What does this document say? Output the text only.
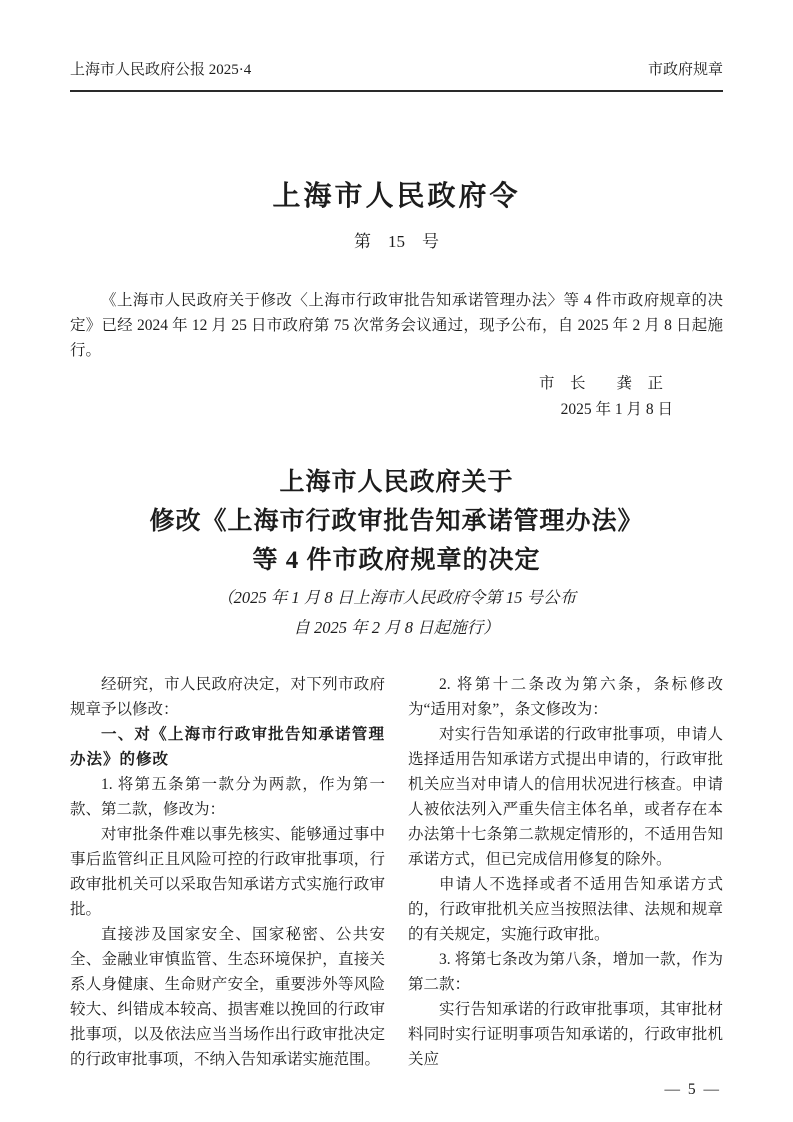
上海市人民政府公报 2025·4	市政府规章
上海市人民政府令
第　15　号
《上海市人民政府关于修改〈上海市行政审批告知承诺管理办法〉等 4 件市政府规章的决定》已经 2024 年 12 月 25 日市政府第 75 次常务会议通过，现予公布，自 2025 年 2 月 8 日起施行。
市　长　　龚　正
2025 年 1 月 8 日
上海市人民政府关于
修改《上海市行政审批告知承诺管理办法》
等 4 件市政府规章的决定
（2025 年 1 月 8 日上海市人民政府令第 15 号公布
自 2025 年 2 月 8 日起施行）

经研究，市人民政府决定，对下列市政府规章予以修改：

一、对《上海市行政审批告知承诺管理办法》的修改

1. 将第五条第一款分为两款，作为第一款、第二款，修改为：

对审批条件难以事先核实、能够通过事中事后监管纠正且风险可控的行政审批事项，行政审批机关可以采取告知承诺方式实施行政审批。

直接涉及国家安全、国家秘密、公共安全、金融业审慎监管、生态环境保护，直接关系人身健康、生命财产安全，重要涉外等风险较大、纠错成本较高、损害难以挽回的行政审批事项，以及依法应当当场作出行政审批决定的行政审批事项，不纳入告知承诺实施范围。

2. 将第十二条改为第六条，条标修改为“适用对象”，条文修改为：

对实行告知承诺的行政审批事项，申请人选择适用告知承诺方式提出申请的，行政审批机关应当对申请人的信用状况进行核查。申请人被依法列入严重失信主体名单，或者存在本办法第十七条第二款规定情形的，不适用告知承诺方式，但已完成信用修复的除外。

申请人不选择或者不适用告知承诺方式的，行政审批机关应当按照法律、法规和规章的有关规定，实施行政审批。

3. 将第七条改为第八条，增加一款，作为第二款：

实行告知承诺的行政审批事项，其审批材料同时实行证明事项告知承诺的，行政审批机关应

— 5 —
